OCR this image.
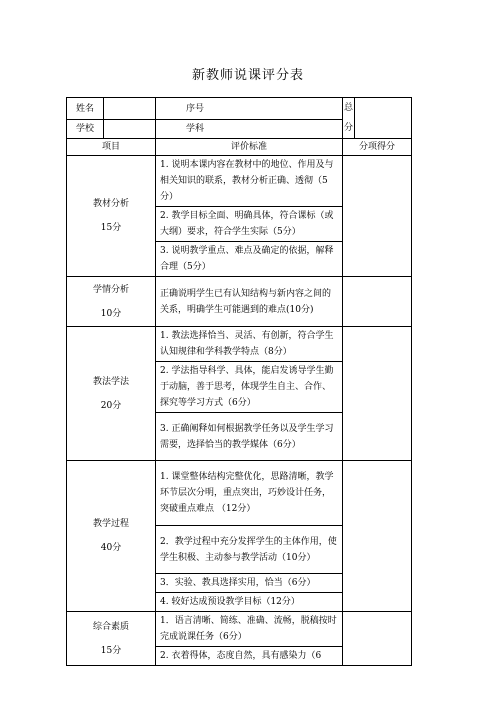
新教师说课评分表
姓名		序号	总
分	

学校		学科		
项目		评价标准	分项得分	

教材分析
15分		1. 说明本课内容在教材中的地位、作用及与相关知识的联系，教材分析正确、透彻（5分）		
		2. 教学目标全面、明确具体，符合课标（或大纲）要求，符合学生实际（5分）		
		3. 说明教学重点、难点及确定的依据，解释合理（5分）		

学情分析
10分		正确说明学生已有认知结构与新内容之间的关系，明确学生可能遇到的难点(10分)		

教法学法
20分		1. 教法选择恰当、灵活、有创新，符合学生认知规律和学科教学特点（8分）		
		2. 学法指导科学、具体，能启发诱导学生勤于动脑，善于思考，体现学生自主、合作、探究等学习方式（6分）		
		3. 正确阐释如何根据教学任务以及学生学习需要，选择恰当的教学媒体（6分）		

教学过程
40分		1. 课堂整体结构完整优化，思路清晰，教学环节层次分明，重点突出，巧妙设计任务，突破重点难点 （12分）		
		2．教学过程中充分发挥学生的主体作用，使学生积极、主动参与教学活动（10分）		
		3．实验、教具选择实用，恰当（6分）		
		4. 较好达成预设教学目标（12分）		

综合素质
15分		1．语言清晰、简练、准确、流畅，脱稿按时完成说课任务（6分）		
		2. 衣着得体，态度自然，具有感染力（6		
